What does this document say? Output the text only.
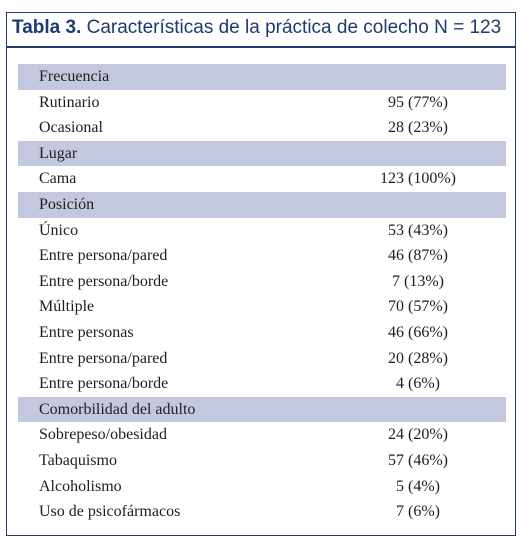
Tabla 3. Características de la práctica de colecho N = 123
Frecuencia
Rutinario	95 (77%)
Ocasional	28 (23%)
Lugar
Cama	123 (100%)
Posición
Único	53 (43%)
Entre persona/pared	46 (87%)
Entre persona/borde	7 (13%)
Múltiple	70 (57%)
Entre personas	46 (66%)
Entre persona/pared	20 (28%)
Entre persona/borde	4 (6%)
Comorbilidad del adulto
Sobrepeso/obesidad	24 (20%)
Tabaquismo	57 (46%)
Alcoholismo	5 (4%)
Uso de psicofármacos	7 (6%)
